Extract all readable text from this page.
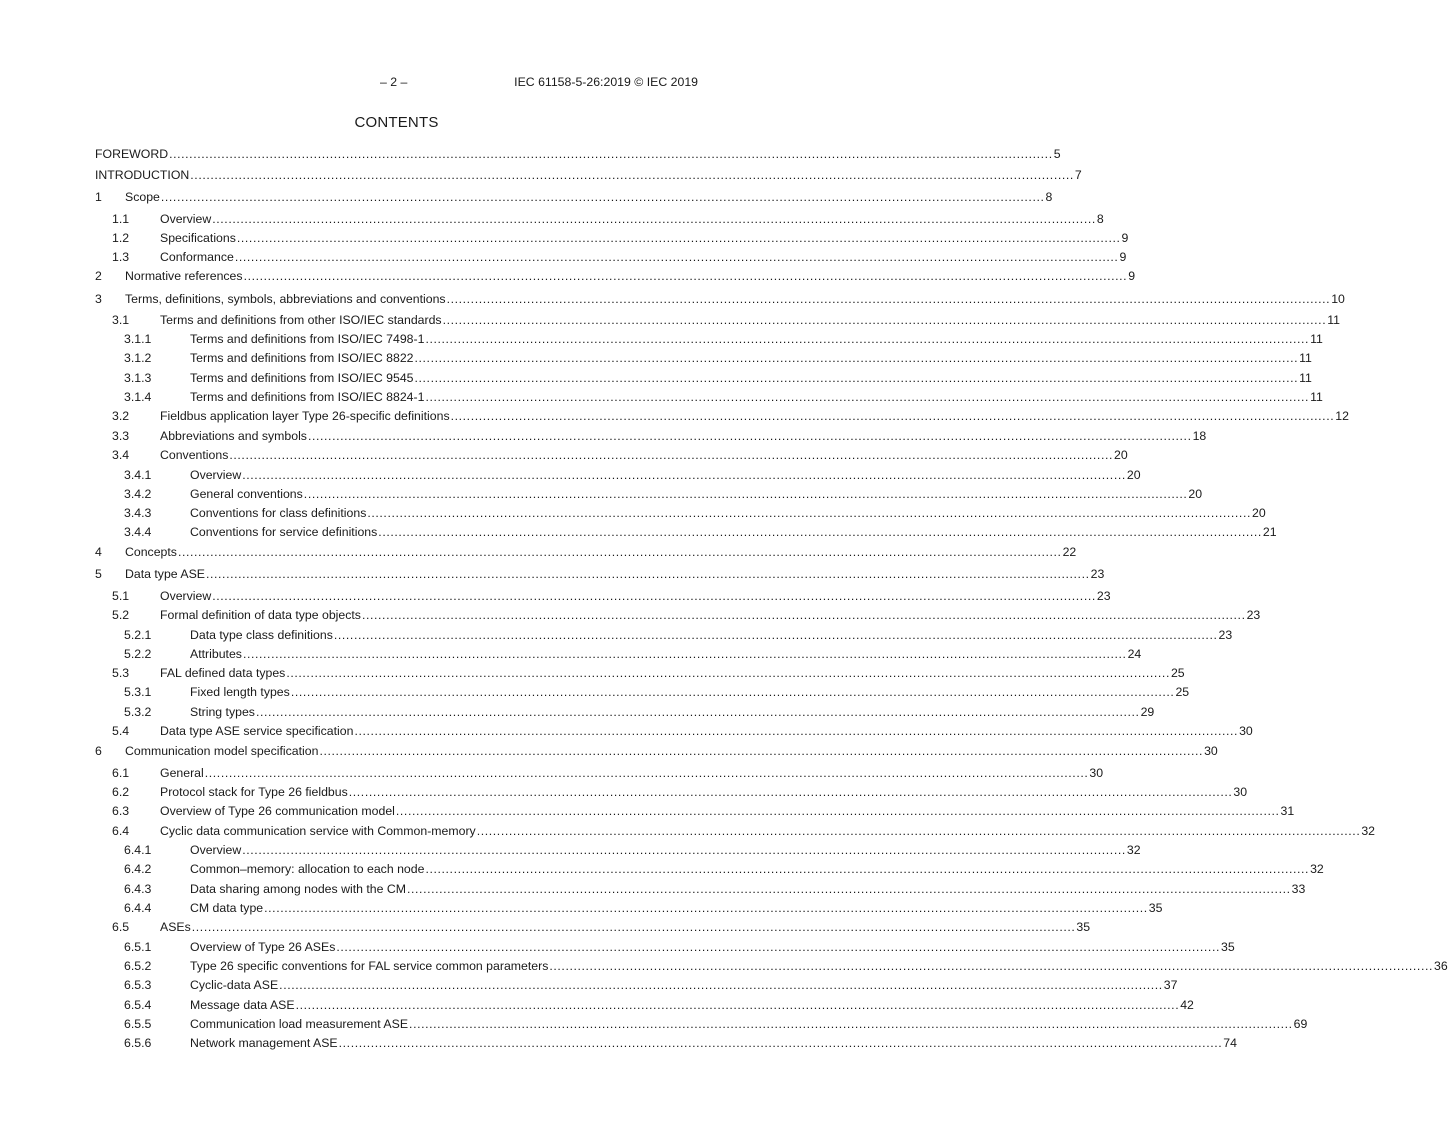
– 2 –	IEC 61158-5-26:2019 © IEC 2019
CONTENTS
FOREWORD ............................................................................................................................................................................................................................ 5
INTRODUCTION ............................................................................................................................................................................................................................ 7
1	Scope ............................................................................................................................................................................................................................ 8
1.1	Overview ............................................................................................................................................................................................................................ 8
1.2	Specifications ............................................................................................................................................................................................................................ 9
1.3	Conformance ............................................................................................................................................................................................................................ 9
2	Normative references ............................................................................................................................................................................................................................ 9
3	Terms, definitions, symbols, abbreviations and conventions ............................................................................................................................................................................................................................ 10
3.1	Terms and definitions from other ISO/IEC standards ............................................................................................................................................................................................................................ 11
3.1.1	Terms and definitions from ISO/IEC 7498-1 ............................................................................................................................................................................................................................ 11
3.1.2	Terms and definitions from ISO/IEC 8822 ............................................................................................................................................................................................................................ 11
3.1.3	Terms and definitions from ISO/IEC 9545 ............................................................................................................................................................................................................................ 11
3.1.4	Terms and definitions from ISO/IEC 8824-1 ............................................................................................................................................................................................................................ 11
3.2	Fieldbus application layer Type 26-specific definitions ............................................................................................................................................................................................................................ 12
3.3	Abbreviations and symbols ............................................................................................................................................................................................................................ 18
3.4	Conventions ............................................................................................................................................................................................................................ 20
3.4.1	Overview ............................................................................................................................................................................................................................ 20
3.4.2	General conventions ............................................................................................................................................................................................................................ 20
3.4.3	Conventions for class definitions ............................................................................................................................................................................................................................ 20
3.4.4	Conventions for service definitions ............................................................................................................................................................................................................................ 21
4	Concepts ............................................................................................................................................................................................................................ 22
5	Data type ASE ............................................................................................................................................................................................................................ 23
5.1	Overview ............................................................................................................................................................................................................................ 23
5.2	Formal definition of data type objects ............................................................................................................................................................................................................................ 23
5.2.1	Data type class definitions ............................................................................................................................................................................................................................ 23
5.2.2	Attributes ............................................................................................................................................................................................................................ 24
5.3	FAL defined data types ............................................................................................................................................................................................................................ 25
5.3.1	Fixed length types ............................................................................................................................................................................................................................ 25
5.3.2	String types ............................................................................................................................................................................................................................ 29
5.4	Data type ASE service specification ............................................................................................................................................................................................................................ 30
6	Communication model specification ............................................................................................................................................................................................................................ 30
6.1	General ............................................................................................................................................................................................................................ 30
6.2	Protocol stack for Type 26 fieldbus ............................................................................................................................................................................................................................ 30
6.3	Overview of Type 26 communication model ............................................................................................................................................................................................................................ 31
6.4	Cyclic data communication service with Common-memory ............................................................................................................................................................................................................................ 32
6.4.1	Overview ............................................................................................................................................................................................................................ 32
6.4.2	Common–memory: allocation to each node ............................................................................................................................................................................................................................ 32
6.4.3	Data sharing among nodes with the CM ............................................................................................................................................................................................................................ 33
6.4.4	CM data type ............................................................................................................................................................................................................................ 35
6.5	ASEs ............................................................................................................................................................................................................................ 35
6.5.1	Overview of Type 26 ASEs ............................................................................................................................................................................................................................ 35
6.5.2	Type 26 specific conventions for FAL service common parameters ............................................................................................................................................................................................................................ 36
6.5.3	Cyclic-data ASE ............................................................................................................................................................................................................................ 37
6.5.4	Message data ASE ............................................................................................................................................................................................................................ 42
6.5.5	Communication load measurement ASE ............................................................................................................................................................................................................................ 69
6.5.6	Network management ASE ............................................................................................................................................................................................................................ 74
